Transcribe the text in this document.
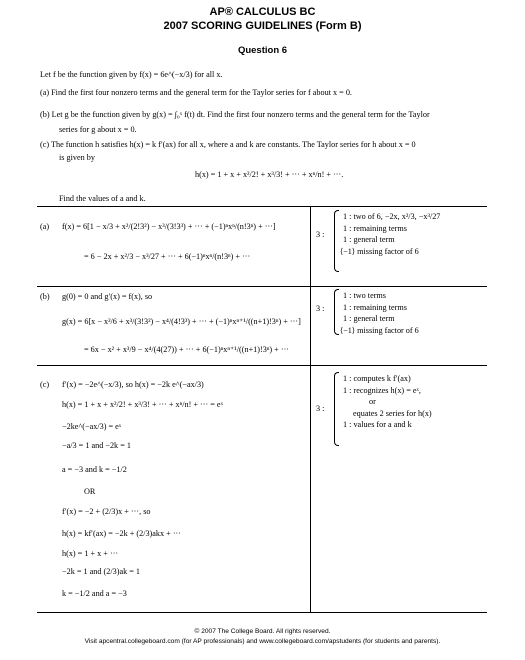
AP® CALCULUS BC
2007 SCORING GUIDELINES (Form B)
Question 6
Let f be the function given by f(x) = 6e^(−x/3) for all x.
(a) Find the first four nonzero terms and the general term for the Taylor series for f about x = 0.
(b) Let g be the function given by g(x) = ∫₀ˣ f(t) dt. Find the first four nonzero terms and the general term for the Taylor
series for g about x = 0.
(c) The function h satisfies h(x) = k f′(ax) for all x, where a and k are constants. The Taylor series for h about x = 0
is given by
h(x) = 1 + x + x²/2! + x³/3! + ··· + xⁿ/n! + ···.
Find the values of a and k.
(a) f(x) = 6[1 − x/3 + x²/(2!3²) − x³/(3!3³) + ··· + (−1)ⁿxⁿ/(n!3ⁿ) + ···]
= 6 − 2x + x²/3 − x³/27 + ··· + 6(−1)ⁿxⁿ/(n!3ⁿ) + ···
3 :
1 : two of 6, −2x, x²/3, −x³/27
1 : remaining terms
1 : general term
⟨−1⟩ missing factor of 6
(b) g(0) = 0 and g′(x) = f(x), so
g(x) = 6[x − x²/6 + x³/(3!3²) − x⁴/(4!3³) + ··· + (−1)ⁿxⁿ⁺¹/((n+1)!3ⁿ) + ···]
= 6x − x² + x³/9 − x⁴/(4(27)) + ··· + 6(−1)ⁿxⁿ⁺¹/((n+1)!3ⁿ) + ···
3 :
1 : two terms
1 : remaining terms
1 : general term
⟨−1⟩ missing factor of 6
(c) f′(x) = −2e^(−x/3), so h(x) = −2k e^(−ax/3)
h(x) = 1 + x + x²/2! + x³/3! + ··· + xⁿ/n! + ··· = eˣ
−2ke^(−ax/3) = eˣ
−a/3 = 1 and −2k = 1
a = −3 and k = −1/2
OR
f′(x) = −2 + (2/3)x + ···, so
h(x) = kf′(ax) = −2k + (2/3)akx + ···
h(x) = 1 + x + ···
−2k = 1 and (2/3)ak = 1
k = −1/2 and a = −3
3 :
1 : computes k f′(ax)
1 : recognizes h(x) = eˣ,
or
equates 2 series for h(x)
1 : values for a and k
© 2007 The College Board. All rights reserved.
Visit apcentral.collegeboard.com (for AP professionals) and www.collegeboard.com/apstudents (for students and parents).
